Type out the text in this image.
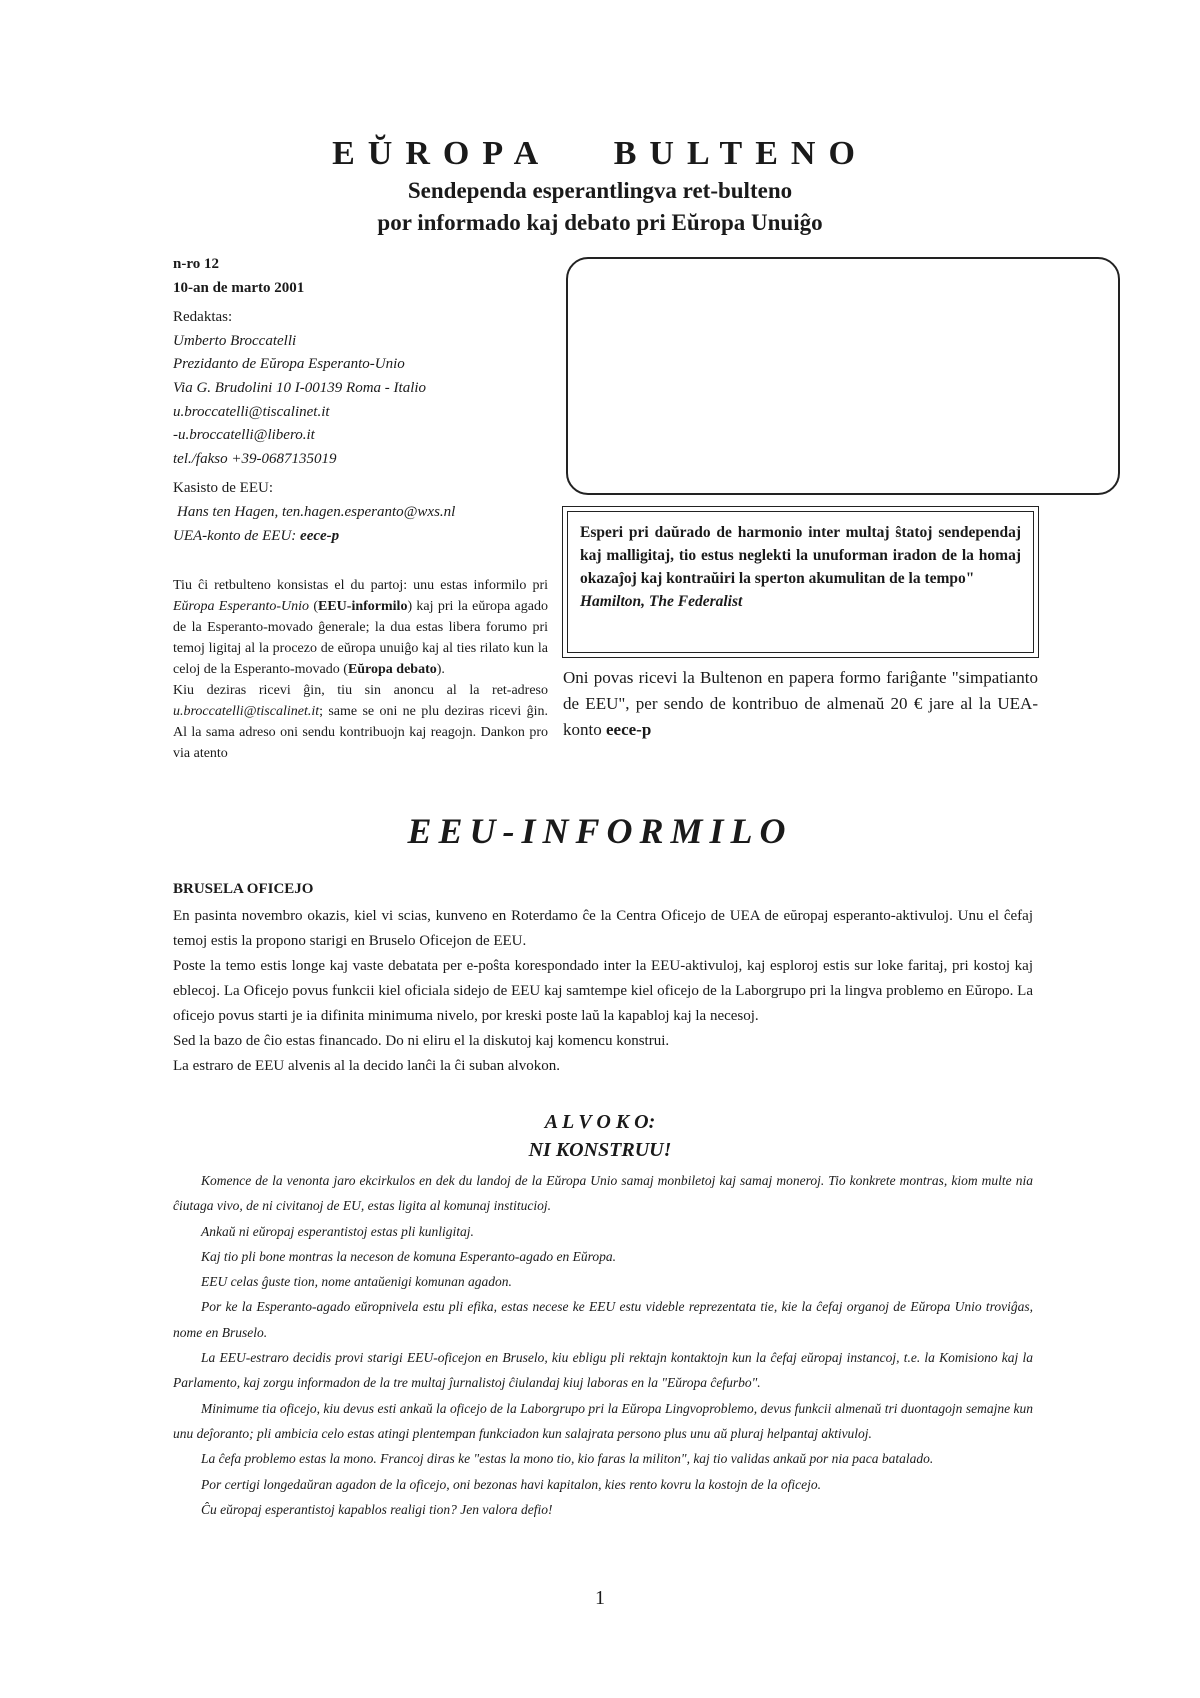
EŬROPA   BULTENO
Sendependa esperantlingva ret-bulteno
por informado kaj debato pri Eŭropa Unuiĝo

n-ro 12

10-an de marto 2001

Redaktas:

Umberto Broccatelli

Prezidanto de Eŭropa Esperanto-Unio

Via G. Brudolini 10 I-00139 Roma - Italio

u.broccatelli@tiscalinet.it

-u.broccatelli@libero.it

tel./fakso +39-0687135019

Kasisto de EEU:

Hans ten Hagen, ten.hagen.esperanto@wxs.nl

UEA-konto de EEU: eece-p

Tiu ĉi retbulteno konsistas el du partoj: unu estas informilo pri Eŭropa Esperanto-Unio (EEU-informilo) kaj pri la eŭropa agado de la Esperanto-movado ĝenerale; la dua estas libera forumo pri temoj ligitaj al la procezo de eŭropa unuiĝo kaj al ties rilato kun la celoj de la Esperanto-movado (Eŭropa debato).

Kiu deziras ricevi ĝin, tiu sin anoncu al la ret-adreso u.broccatelli@tiscalinet.it; same se oni ne plu deziras ricevi ĝin. Al la sama adreso oni sendu kontribuojn kaj reagojn. Dankon pro via atento

Esperi pri daŭrado de harmonio inter multaj ŝtatoj sendependaj kaj malligitaj, tio estus neglekti la unuforman iradon de la homaj okazaĵoj kaj kontraŭiri la sperton akumulitan de la tempo"
Hamilton, The Federalist
Oni povas ricevi la Bultenon en papera formo fariĝante "simpatianto de EEU", per sendo de kontribuo de almenaŭ 20 € jare al la UEA-konto eece-p
EEU-INFORMILO
BRUSELA OFICEJO

En pasinta novembro okazis, kiel vi scias, kunveno en Roterdamo ĉe la Centra Oficejo de UEA de eŭropaj esperanto-aktivuloj. Unu el ĉefaj temoj estis la propono starigi en Bruselo Oficejon de EEU.

Poste la temo estis longe kaj vaste debatata per e-poŝta korespondado inter la EEU-aktivuloj, kaj esploroj estis sur loke faritaj, pri kostoj kaj eblecoj. La Oficejo povus funkcii kiel oficiala sidejo de EEU kaj samtempe kiel oficejo de la Laborgrupo pri la lingva problemo en Eŭropo. La oficejo povus starti je ia difinita minimuma nivelo, por kreski poste laŭ la kapabloj kaj la necesoj.

Sed la bazo de ĉio estas financado. Do ni eliru el la diskutoj kaj komencu konstrui.

La estraro de EEU alvenis al la decido lanĉi la ĉi suban alvokon.

A L V O K O:
NI KONSTRUU!

Komence de la venonta jaro ekcirkulos en dek du landoj de la Eŭropa Unio samaj monbiletoj kaj samaj moneroj. Tio konkrete montras, kiom multe nia ĉiutaga vivo, de ni civitanoj de EU, estas ligita al komunaj institucioj.

Ankaŭ ni eŭropaj esperantistoj estas pli kunligitaj.

Kaj tio pli bone montras la neceson de komuna Esperanto-agado en Eŭropa.

EEU celas ĝuste tion, nome antaŭenigi komunan agadon.

Por ke la Esperanto-agado eŭropnivela estu pli efika, estas necese ke EEU estu videble reprezentata tie, kie la ĉefaj organoj de Eŭropa Unio troviĝas, nome en Bruselo.

La EEU-estraro decidis provi starigi EEU-oficejon en Bruselo, kiu ebligu pli rektajn kontaktojn kun la ĉefaj eŭropaj instancoj, t.e. la Komisiono kaj la Parlamento, kaj zorgu informadon de la tre multaj ĵurnalistoj ĉiulandaj kiuj laboras en la "Eŭropa ĉefurbo".

Minimume tia oficejo, kiu devus esti ankaŭ la oficejo de la Laborgrupo pri la Eŭropa Lingvoproblemo, devus funkcii almenaŭ tri duontagojn semajne kun unu deĵoranto; pli ambicia celo estas atingi plentempan funkciadon kun salajrata persono plus unu aŭ pluraj helpantaj aktivuloj.

La ĉefa problemo estas la mono. Francoj diras ke "estas la mono tio, kio faras la militon", kaj tio validas ankaŭ por nia paca batalado.

Por certigi longedaŭran agadon de la oficejo, oni bezonas havi kapitalon, kies rento kovru la kostojn de la oficejo.

Ĉu eŭropaj esperantistoj kapablos realigi tion? Jen valora defio!

1
